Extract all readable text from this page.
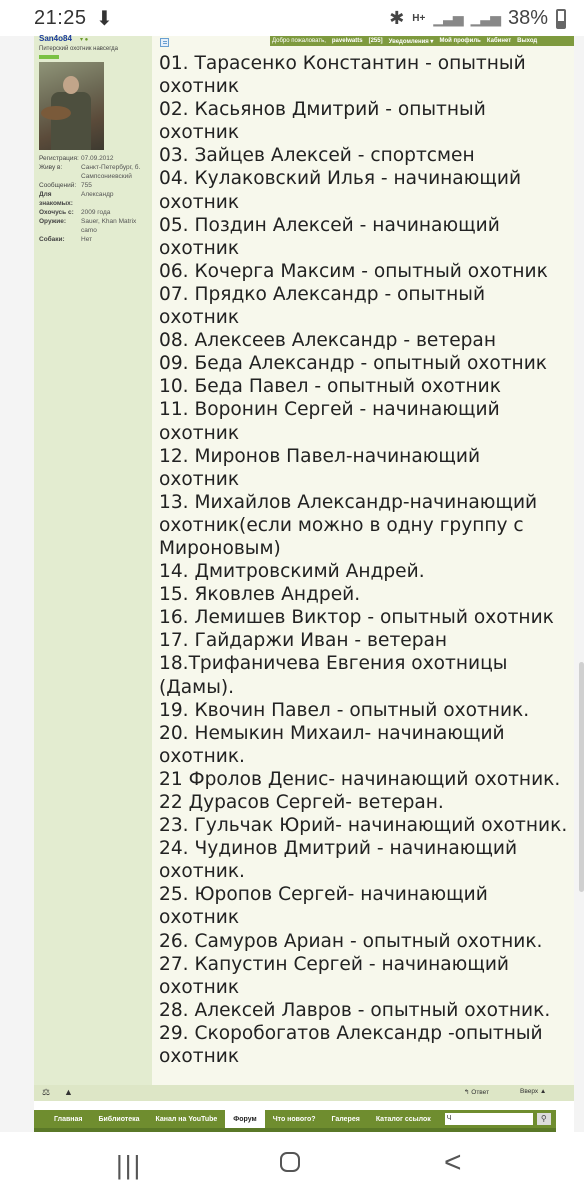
21:25 ⬇	✱ H+ ▁▃▅ ▁▃▅ 38%
San4o84 ▾ ●
Питерский охотник навсегда
Регистрация: 07.09.2012
Живу в:	Санкт-Петербург, б. Сампсониевский
Сообщений: 755
Для знакомых:
Александр
Охочусь с:	2009 года
Оружие:	Sauer, Khan Matrix camo
Собаки:	Нет
Добро пожаловать, pavelwatts [255] Уведомления ▾ Мой профиль Кабинет Выход
01. Тарасенко Константин - опытный
охотник
02. Касьянов Дмитрий - опытный
охотник
03. Зайцев Алексей - спортсмен
04. Кулаковский Илья - начинающий
охотник
05. Поздин Алексей - начинающий
охотник
06. Кочерга Максим - опытный охотник
07. Прядко Александр - опытный
охотник
08. Алексеев Александр - ветеран
09. Беда Александр - опытный охотник
10. Беда Павел - опытный охотник
11. Воронин Сергей - начинающий
охотник
12. Миронов Павел-начинающий
охотник
13. Михайлов Александр-начинающий
охотник(если можно в одну группу с
Мироновым)
14. Дмитровскимй Андрей.
15. Яковлев Андрей.
16. Лемишев Виктор - опытный охотник
17. Гайдаржи Иван - ветеран
18.Трифаничева Евгения охотницы
(Дамы).
19. Квочин Павел - опытный охотник.
20. Немыкин Михаил- начинающий
охотник.
21 Фролов Денис- начинающий охотник.
22 Дурасов Сергей- ветеран.
23. Гульчак Юрий- начинающий охотник.
24. Чудинов Дмитрий - начинающий
охотник.
25. Юропов Сергей- начинающий
охотник
26. Самуров Ариан - опытный охотник.
27. Капустин Сергей - начинающий
охотник
28. Алексей Лавров - опытный охотник.
29. Скоробогатов Александр -опытный
охотник
⚖ ▲	↰ Ответ	Вверх ▲
Главная	Библиотека	Канал на YouTube	Форум	Что нового?	Галерея	Каталог ссылок	Ч	⚲
|||	<
